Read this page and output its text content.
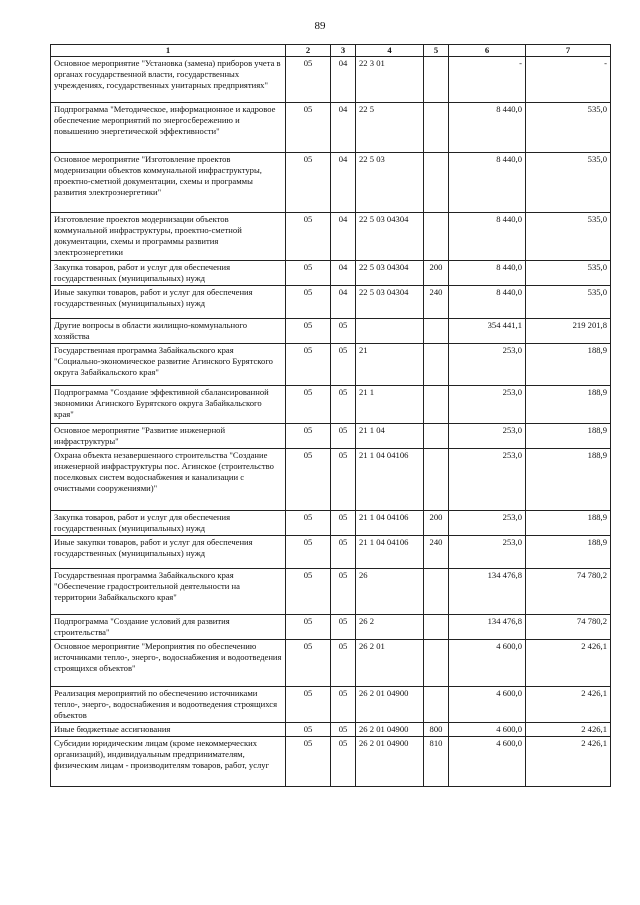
89
1	2	3	4	5	6	7
Основное мероприятие "Установка (замена) приборов учета в органах государственной власти, государственных учреждениях, государственных унитарных предприятиях"	05	04	22 3 01		-	-
Подпрограмма "Методическое, информационное и кадровое обеспечение мероприятий по энергосбережению и повышению энергетической эффективности"	05	04	22 5		8 440,0	535,0
Основное мероприятие "Изготовление проектов модернизации объектов коммунальной инфраструктуры, проектно-сметной документации, схемы и программы развития электроэнергетики"	05	04	22 5 03		8 440,0	535,0
Изготовление проектов модернизации объектов коммунальной инфраструктуры, проектно-сметной документации, схемы и программы развития электроэнергетики	05	04	22 5 03 04304		8 440,0	535,0
Закупка товаров, работ и услуг для обеспечения государственных (муниципальных) нужд	05	04	22 5 03 04304	200	8 440,0	535,0
Иные закупки товаров, работ и услуг для обеспечения государственных (муниципальных) нужд	05	04	22 5 03 04304	240	8 440,0	535,0
Другие вопросы в области жилищно-коммунального хозяйства	05	05			354 441,1	219 201,8
Государственная программа Забайкальского края "Социально-экономическое развитие Агинского Бурятского округа Забайкальского края"	05	05	21		253,0	188,9
Подпрограмма "Создание эффективной сбалансированной экономики Агинского Бурятского округа Забайкальского края"	05	05	21 1		253,0	188,9
Основное мероприятие "Развитие инженерной инфраструктуры"	05	05	21 1 04		253,0	188,9
Охрана объекта незавершенного строительства "Создание инженерной инфраструктуры пос. Агинское (строительство поселковых систем водоснабжения и канализации с очистными сооружениями)"	05	05	21 1 04 04106		253,0	188,9
Закупка товаров, работ и услуг для обеспечения государственных (муниципальных) нужд	05	05	21 1 04 04106	200	253,0	188,9
Иные закупки товаров, работ и услуг для обеспечения государственных (муниципальных) нужд	05	05	21 1 04 04106	240	253,0	188,9
Государственная программа Забайкальского края "Обеспечение градостроительной деятельности на территории Забайкальского края"	05	05	26		134 476,8	74 780,2
Подпрограмма "Создание условий для развития строительства"	05	05	26 2		134 476,8	74 780,2
Основное мероприятие "Мероприятия по обеспечению источниками тепло-, энерго-, водоснабжения и водоотведения строящихся объектов"	05	05	26 2 01		4 600,0	2 426,1
Реализация мероприятий по обеспечению источниками тепло-, энерго-, водоснабжения и водоотведения строящихся объектов	05	05	26 2 01 04900		4 600,0	2 426,1
Иные бюджетные ассигнования	05	05	26 2 01 04900	800	4 600,0	2 426,1
Субсидии юридическим лицам (кроме некоммерческих организаций), индивидуальным предпринимателям, физическим лицам - производителям товаров, работ, услуг	05	05	26 2 01 04900	810	4 600,0	2 426,1
